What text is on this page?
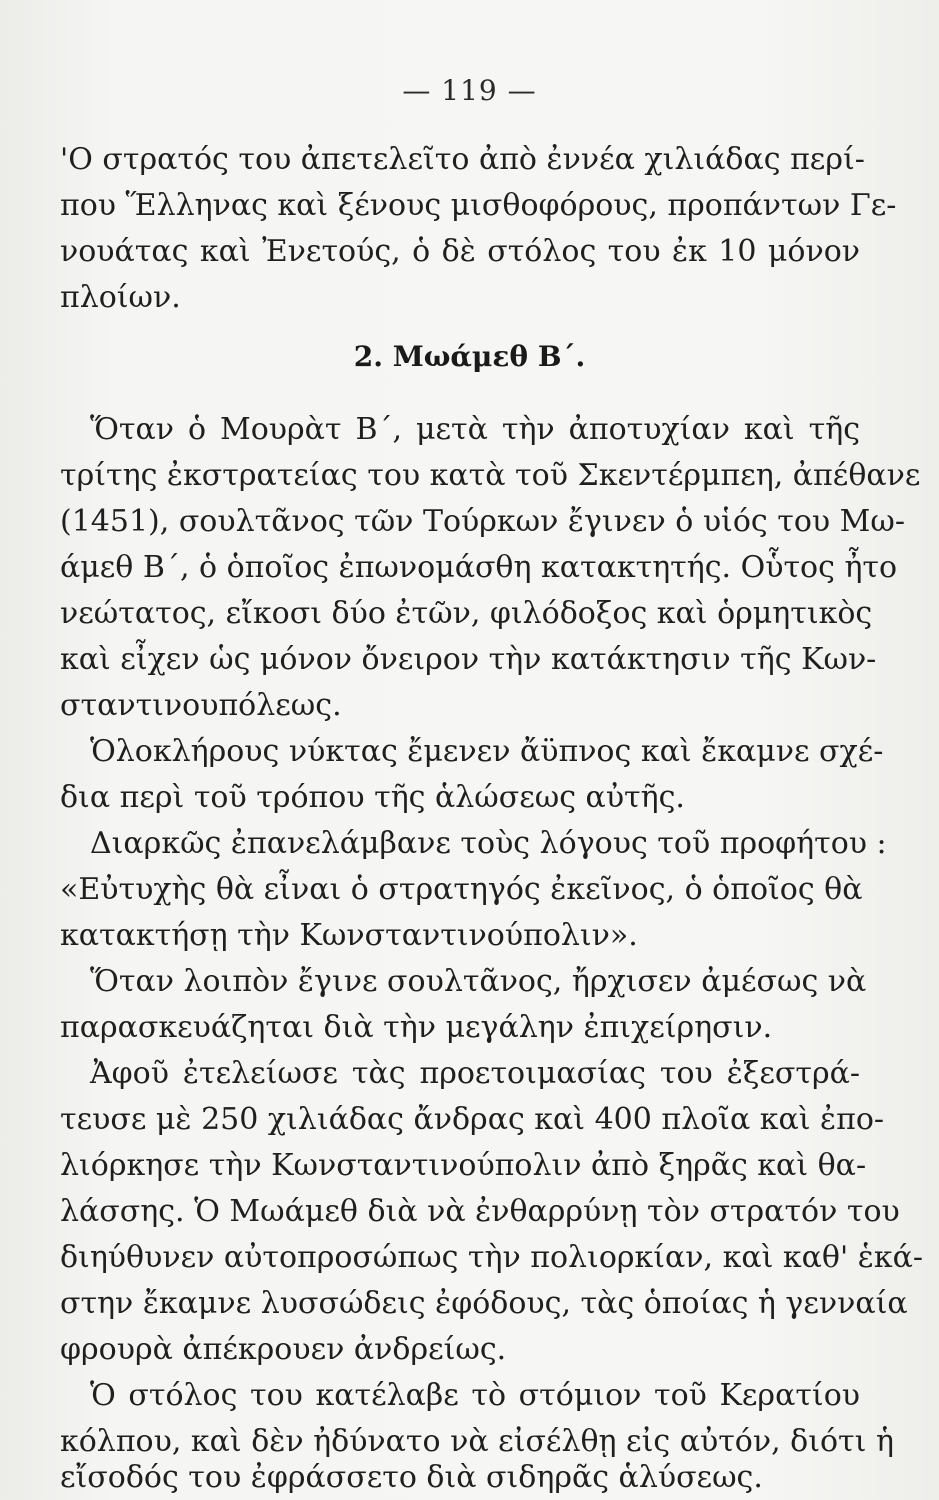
— 119 —
'Ο στρατός του ἀπετελεῖτο ἀπὸ ἐννέα χιλιάδας περί-
που Ἕλληνας καὶ ξένους μισθοφόρους, προπάντων Γε-
νουάτας καὶ Ἐνετούς, ὁ δὲ στόλος του ἐκ 10 μόνον
πλοίων.
2. Μωάμεθ Β΄.
Ὅταν ὁ Μουρὰτ Β΄, μετὰ τὴν ἀποτυχίαν καὶ τῆς
τρίτης ἐκστρατείας του κατὰ τοῦ Σκεντέρμπεη, ἀπέθανε
(1451), σουλτᾶνος τῶν Τούρκων ἔγινεν ὁ υἱός του Μω-
άμεθ Β΄, ὁ ὁποῖος ἐπωνομάσθη κατακτητής. Οὗτος ἦτο
νεώτατος, εἴκοσι δύο ἐτῶν, φιλόδοξος καὶ ὁρμητικὸς
καὶ εἶχεν ὡς μόνον ὄνειρον τὴν κατάκτησιν τῆς Κων-
σταντινουπόλεως.
Ὁλοκλήρους νύκτας ἔμενεν ἄϋπνος καὶ ἔκαμνε σχέ-
δια περὶ τοῦ τρόπου τῆς ἁλώσεως αὐτῆς.
Διαρκῶς ἐπανελάμβανε τοὺς λόγους τοῦ προφήτου :
«Εὐτυχὴς θὰ εἶναι ὁ στρατηγός ἐκεῖνος, ὁ ὁποῖος θὰ
κατακτήσῃ τὴν Κωνσταντινούπολιν».
Ὅταν λοιπὸν ἔγινε σουλτᾶνος, ἤρχισεν ἀμέσως νὰ
παρασκευάζηται διὰ τὴν μεγάλην ἐπιχείρησιν.
Ἀφοῦ ἐτελείωσε τὰς προετοιμασίας του ἐξεστρά-
τευσε μὲ 250 χιλιάδας ἄνδρας καὶ 400 πλοῖα καὶ ἐπο-
λιόρκησε τὴν Κωνσταντινούπολιν ἀπὸ ξηρᾶς καὶ θα-
λάσσης. Ὁ Μωάμεθ διὰ νὰ ἐνθαρρύνῃ τὸν στρατόν του
διηύθυνεν αὐτοπροσώπως τὴν πολιορκίαν, καὶ καθ' ἑκά-
στην ἔκαμνε λυσσώδεις ἐφόδους, τὰς ὁποίας ἡ γενναία
φρουρὰ ἀπέκρουεν ἀνδρείως.
Ὁ στόλος του κατέλαβε τὸ στόμιον τοῦ Κερατίου
κόλπου, καὶ δὲν ἠδύνατο νὰ εἰσέλθῃ εἰς αὐτόν, διότι ἡ
εἴσοδός του ἐφράσσετο διὰ σιδηρᾶς ἁλύσεως.
